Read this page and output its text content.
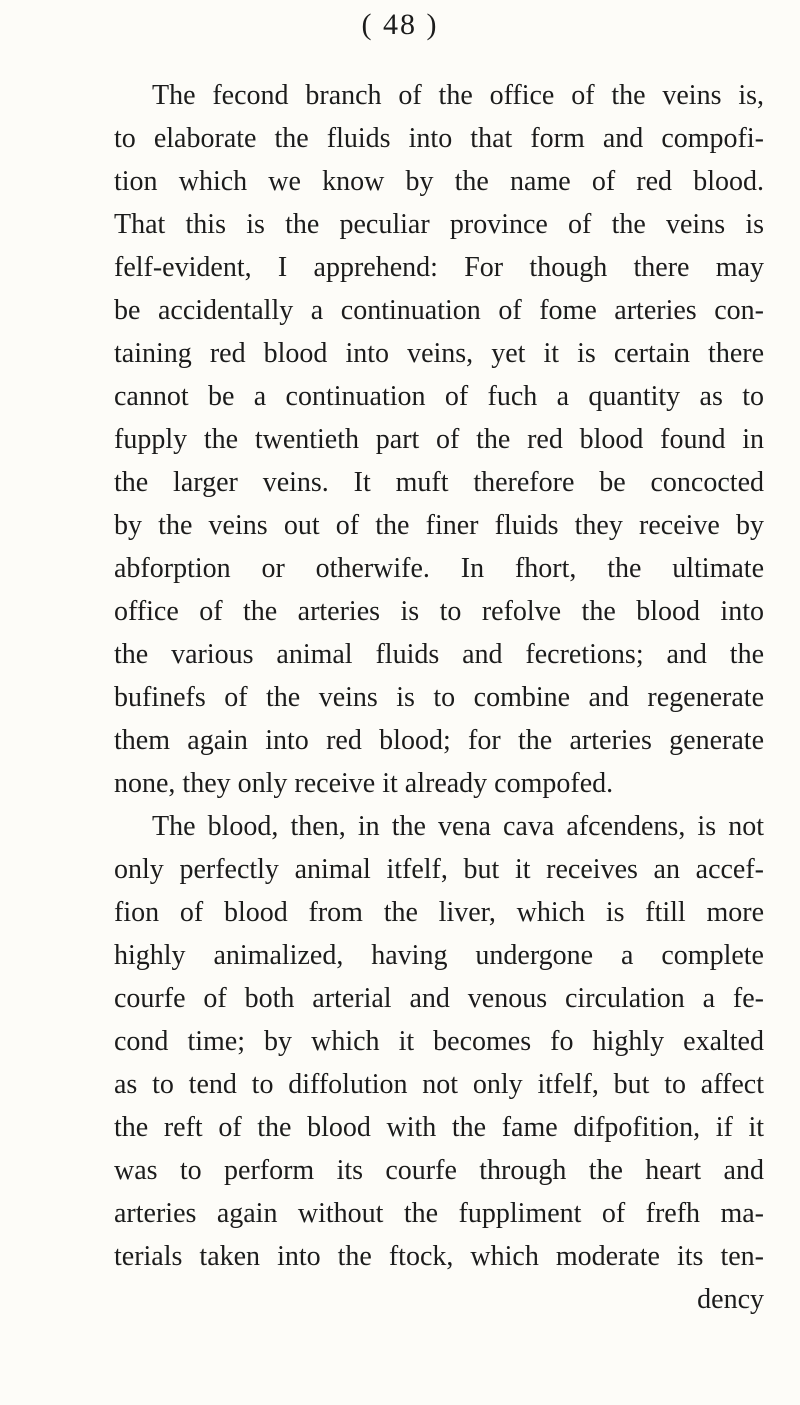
( 48 )
The fecond branch of the office of the veins is,
to elaborate the fluids into that form and compofi-
tion which we know by the name of red blood.
That this is the peculiar province of the veins is
felf-evident, I apprehend: For though there may
be accidentally a continuation of fome arteries con-
taining red blood into veins, yet it is certain there
cannot be a continuation of fuch a quantity as to
fupply the twentieth part of the red blood found in
the larger veins. It muft therefore be concocted
by the veins out of the finer fluids they receive by
abforption or otherwife. In fhort, the ultimate
office of the arteries is to refolve the blood into
the various animal fluids and fecretions; and the
bufinefs of the veins is to combine and regenerate
them again into red blood; for the arteries generate
none, they only receive it already compofed.
The blood, then, in the vena cava afcendens, is not
only perfectly animal itfelf, but it receives an accef-
fion of blood from the liver, which is ftill more
highly animalized, having undergone a complete
courfe of both arterial and venous circulation a fe-
cond time; by which it becomes fo highly exalted
as to tend to diffolution not only itfelf, but to affect
the reft of the blood with the fame difpofition, if it
was to perform its courfe through the heart and
arteries again without the fuppliment of frefh ma-
terials taken into the ftock, which moderate its ten-
dency
